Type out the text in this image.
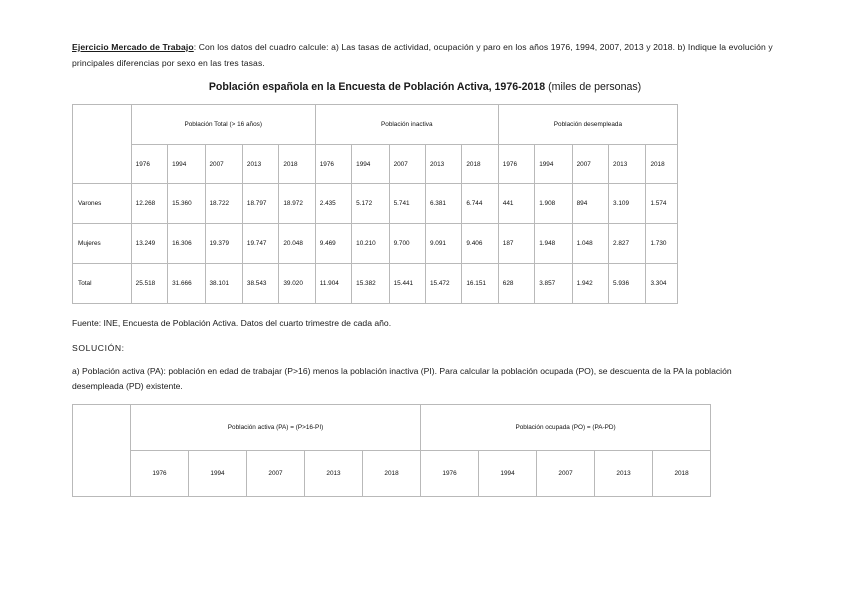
Ejercicio Mercado de Trabajo: Con los datos del cuadro calcule: a) Las tasas de actividad, ocupación y paro en los años 1976, 1994, 2007, 2013 y 2018. b) Indique la evolución y principales diferencias por sexo en las tres tasas.
Población española en la Encuesta de Población Activa, 1976-2018 (miles de personas)
	Población Total (> 16 años)					Población inactiva					Población desempleada				
	1976	1994	2007	2013	2018	1976	1994	2007	2013	2018	1976	1994	2007	2013	2018
Varones	12.268	15.360	18.722	18.797	18.972	2.435	5.172	5.741	6.381	6.744	441	1.908	894	3.109	1.574
Mujeres	13.249	16.306	19.379	19.747	20.048	9.469	10.210	9.700	9.091	9.406	187	1.948	1.048	2.827	1.730
Total	25.518	31.666	38.101	38.543	39.020	11.904	15.382	15.441	15.472	16.151	628	3.857	1.942	5.936	3.304
Fuente: INE, Encuesta de Población Activa. Datos del cuarto trimestre de cada año.
SOLUCIÓN:
a) Población activa (PA): población en edad de trabajar (P>16) menos la población inactiva (PI). Para calcular la población ocupada (PO), se descuenta de la PA la población desempleada (PD) existente.
	Población activa (PA) = (P>16-PI)					Población ocupada (PO) = (PA-PD)				
	1976	1994	2007	2013	2018	1976	1994	2007	2013	2018
